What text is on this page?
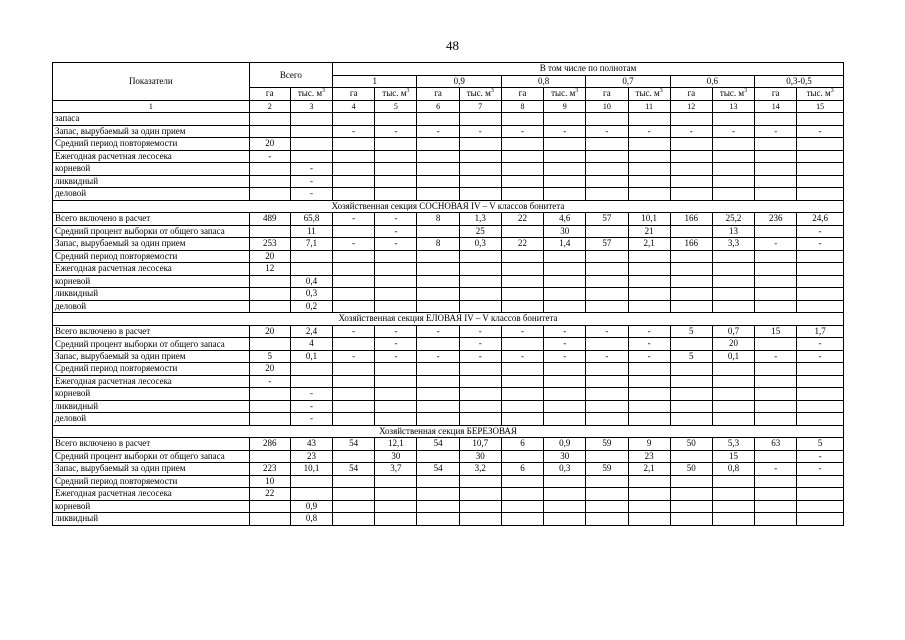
48
Показатели	Всего		В том числе по полнотам											
			1		0,9		0,8		0,7		0,6		0,3-0,5	
	га	тыс. $м^3$	га	тыс. $м^3$	га	тыс. $м^3$	га	тыс. $м^3$	га	тыс. $м^3$	га	тыс. $м^3$	га	тыс. $м^3$
1	2	3	4	5	6	7	8	9	10	11	12	13	14	15
запаса														
Запас, вырубаемый за один прием			-	-	-	-	-	-	-	-	-	-	-	-
Средний период повторяемости	20													
Ежегодная расчетная лесосека	-													
корневой		-												
ликвидный		-												
деловой		-												
Хозяйственная секция СОСНОВАЯ IV – V классов бонитета														
Всего включено в расчет	489	65,8	-	-	8	1,3	22	4,6	57	10,1	166	25,2	236	24,6
Средний процент выборки от общего запаса		11		-		25		30		21		13		-
Запас, вырубаемый за один прием	253	7,1	-	-	8	0,3	22	1,4	57	2,1	166	3,3	-	-
Средний период повторяемости	20													
Ежегодная расчетная лесосека	12													
корневой		0,4												
ликвидный		0,3												
деловой		0,2												
Хозяйственная секция ЕЛОВАЯ IV – V классов бонитета														
Всего включено в расчет	20	2,4	-	-	-	-	-	-	-	-	5	0,7	15	1,7
Средний процент выборки от общего запаса		4		-		-		-		-		20		-
Запас, вырубаемый за один прием	5	0,1	-	-	-	-	-	-	-	-	5	0,1	-	-
Средний период повторяемости	20													
Ежегодная расчетная лесосека	-													
корневой		-												
ликвидный		-												
деловой		-												
Хозяйственная секция БЕРЕЗОВАЯ														
Всего включено в расчет	286	43	54	12,1	54	10,7	6	0,9	59	9	50	5,3	63	5
Средний процент выборки от общего запаса		23		30		30		30		23		15		-
Запас, вырубаемый за один прием	223	10,1	54	3,7	54	3,2	6	0,3	59	2,1	50	0,8	-	-
Средний период повторяемости	10													
Ежегодная расчетная лесосека	22													
корневой		0,9												
ликвидный		0,8												
